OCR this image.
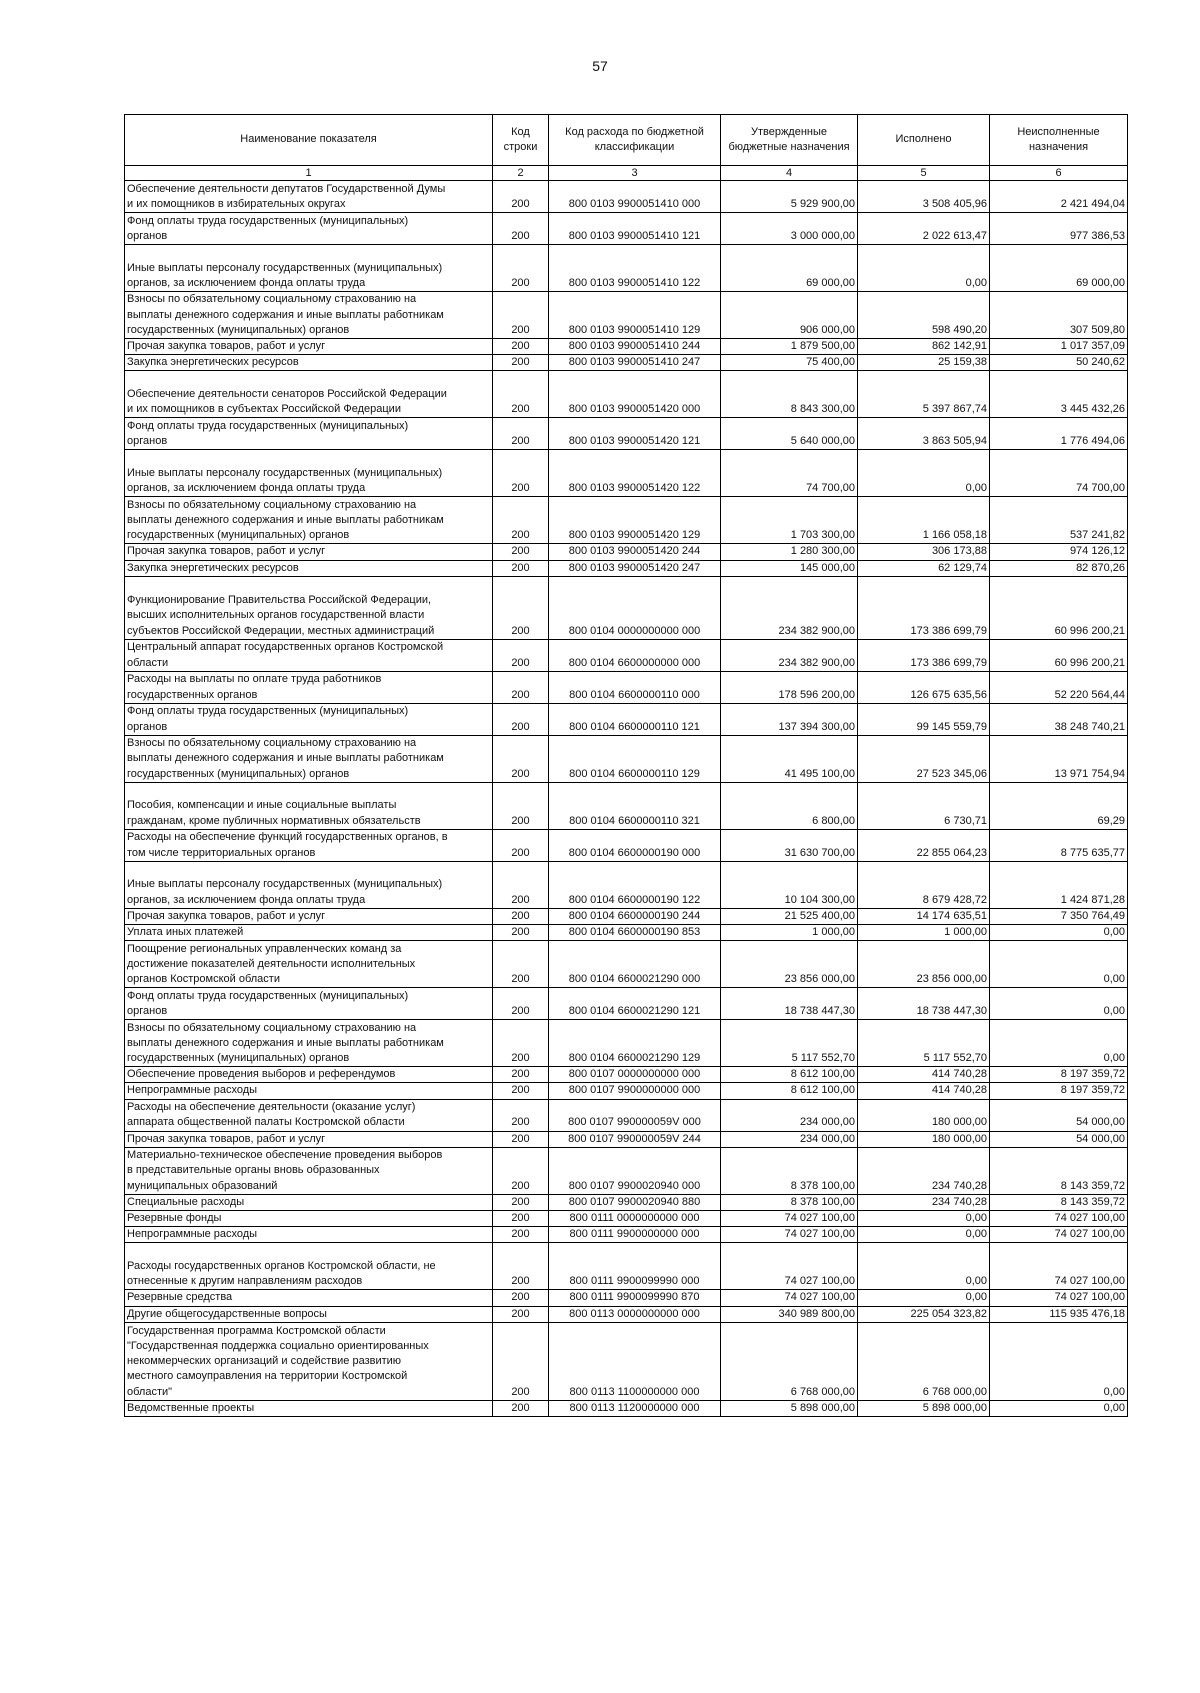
57
Наименование показателя	Код строки	Код расхода по бюджетной классификации	Утвержденные бюджетные назначения	Исполнено	Неисполненные назначения
1	2	3	4	5	6
Обеспечение деятельности депутатов Государственной Думы
и их помощников в избирательных округах	200	800 0103 9900051410 000	5 929 900,00	3 508 405,96	2 421 494,04
Фонд оплаты труда государственных (муниципальных)
органов	200	800 0103 9900051410 121	3 000 000,00	2 022 613,47	977 386,53
Иные выплаты персоналу государственных (муниципальных)
органов, за исключением фонда оплаты труда	200	800 0103 9900051410 122	69 000,00	0,00	69 000,00
Взносы по обязательному социальному страхованию на
выплаты денежного содержания и иные выплаты работникам
государственных (муниципальных) органов	200	800 0103 9900051410 129	906 000,00	598 490,20	307 509,80
Прочая закупка товаров, работ и услуг	200	800 0103 9900051410 244	1 879 500,00	862 142,91	1 017 357,09
Закупка энергетических ресурсов	200	800 0103 9900051410 247	75 400,00	25 159,38	50 240,62
Обеспечение деятельности сенаторов Российской Федерации
и их помощников в субъектах Российской Федерации	200	800 0103 9900051420 000	8 843 300,00	5 397 867,74	3 445 432,26
Фонд оплаты труда государственных (муниципальных)
органов	200	800 0103 9900051420 121	5 640 000,00	3 863 505,94	1 776 494,06
Иные выплаты персоналу государственных (муниципальных)
органов, за исключением фонда оплаты труда	200	800 0103 9900051420 122	74 700,00	0,00	74 700,00
Взносы по обязательному социальному страхованию на
выплаты денежного содержания и иные выплаты работникам
государственных (муниципальных) органов	200	800 0103 9900051420 129	1 703 300,00	1 166 058,18	537 241,82
Прочая закупка товаров, работ и услуг	200	800 0103 9900051420 244	1 280 300,00	306 173,88	974 126,12
Закупка энергетических ресурсов	200	800 0103 9900051420 247	145 000,00	62 129,74	82 870,26
Функционирование Правительства Российской Федерации,
высших исполнительных органов государственной власти
субъектов Российской Федерации, местных администраций	200	800 0104 0000000000 000	234 382 900,00	173 386 699,79	60 996 200,21
Центральный аппарат государственных органов Костромской
области	200	800 0104 6600000000 000	234 382 900,00	173 386 699,79	60 996 200,21
Расходы на выплаты по оплате труда работников
государственных органов	200	800 0104 6600000110 000	178 596 200,00	126 675 635,56	52 220 564,44
Фонд оплаты труда государственных (муниципальных)
органов	200	800 0104 6600000110 121	137 394 300,00	99 145 559,79	38 248 740,21
Взносы по обязательному социальному страхованию на
выплаты денежного содержания и иные выплаты работникам
государственных (муниципальных) органов	200	800 0104 6600000110 129	41 495 100,00	27 523 345,06	13 971 754,94
Пособия, компенсации и иные социальные выплаты
гражданам, кроме публичных нормативных обязательств	200	800 0104 6600000110 321	6 800,00	6 730,71	69,29
Расходы на обеспечение функций государственных органов, в
том числе территориальных органов	200	800 0104 6600000190 000	31 630 700,00	22 855 064,23	8 775 635,77
Иные выплаты персоналу государственных (муниципальных)
органов, за исключением фонда оплаты труда	200	800 0104 6600000190 122	10 104 300,00	8 679 428,72	1 424 871,28
Прочая закупка товаров, работ и услуг	200	800 0104 6600000190 244	21 525 400,00	14 174 635,51	7 350 764,49
Уплата иных платежей	200	800 0104 6600000190 853	1 000,00	1 000,00	0,00
Поощрение региональных управленческих команд за
достижение показателей деятельности исполнительных
органов Костромской области	200	800 0104 6600021290 000	23 856 000,00	23 856 000,00	0,00
Фонд оплаты труда государственных (муниципальных)
органов	200	800 0104 6600021290 121	18 738 447,30	18 738 447,30	0,00
Взносы по обязательному социальному страхованию на
выплаты денежного содержания и иные выплаты работникам
государственных (муниципальных) органов	200	800 0104 6600021290 129	5 117 552,70	5 117 552,70	0,00
Обеспечение проведения выборов и референдумов	200	800 0107 0000000000 000	8 612 100,00	414 740,28	8 197 359,72
Непрограммные расходы	200	800 0107 9900000000 000	8 612 100,00	414 740,28	8 197 359,72
Расходы на обеспечение деятельности (оказание услуг)
аппарата общественной палаты Костромской области	200	800 0107 990000059V 000	234 000,00	180 000,00	54 000,00
Прочая закупка товаров, работ и услуг	200	800 0107 990000059V 244	234 000,00	180 000,00	54 000,00
Материально-техническое обеспечение проведения выборов
в представительные органы вновь образованных
муниципальных образований	200	800 0107 9900020940 000	8 378 100,00	234 740,28	8 143 359,72
Специальные расходы	200	800 0107 9900020940 880	8 378 100,00	234 740,28	8 143 359,72
Резервные фонды	200	800 0111 0000000000 000	74 027 100,00	0,00	74 027 100,00
Непрограммные расходы	200	800 0111 9900000000 000	74 027 100,00	0,00	74 027 100,00
Расходы государственных органов Костромской области, не
отнесенные к другим направлениям расходов	200	800 0111 9900099990 000	74 027 100,00	0,00	74 027 100,00
Резервные средства	200	800 0111 9900099990 870	74 027 100,00	0,00	74 027 100,00
Другие общегосударственные вопросы	200	800 0113 0000000000 000	340 989 800,00	225 054 323,82	115 935 476,18
Государственная программа Костромской области
"Государственная поддержка социально ориентированных
некоммерческих организаций и содействие развитию
местного самоуправления на территории Костромской
области"	200	800 0113 1100000000 000	6 768 000,00	6 768 000,00	0,00
Ведомственные проекты	200	800 0113 1120000000 000	5 898 000,00	5 898 000,00	0,00
